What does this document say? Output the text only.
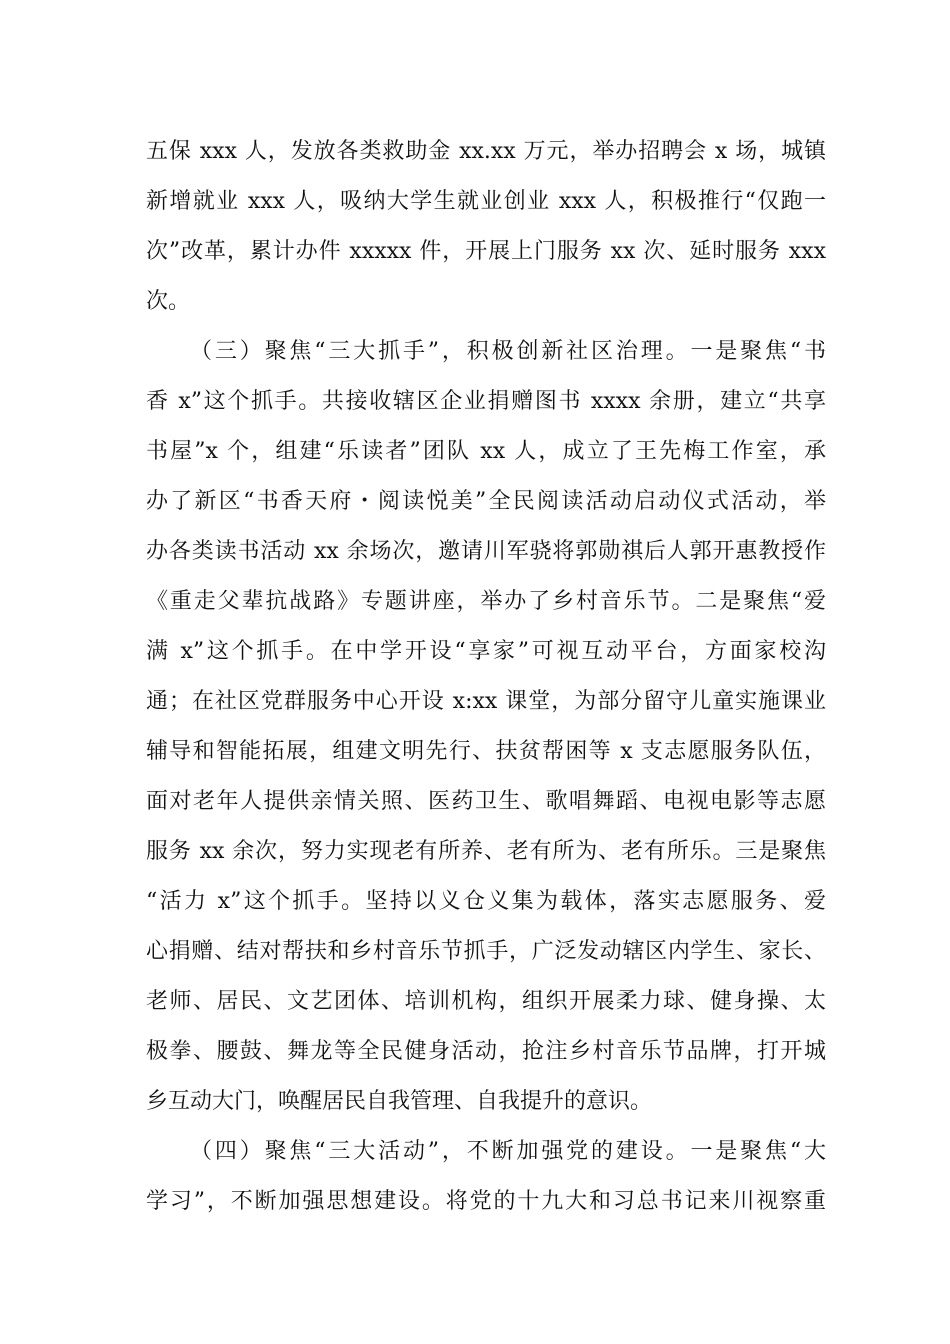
五保 xxx 人，发放各类救助金 xx.xx 万元，举办招聘会 x 场，城镇
新增就业 xxx 人，吸纳大学生就业创业 xxx 人，积极推行“仅跑一
次”改革，累计办件 xxxxx 件，开展上门服务 xx 次、延时服务 xxx
次。
（三）聚焦“三大抓手”，积极创新社区治理。一是聚焦“书
香 x”这个抓手。共接收辖区企业捐赠图书 xxxx 余册，建立“共享
书屋”x 个，组建“乐读者”团队 xx 人，成立了王先梅工作室，承
办了新区“书香天府・阅读悦美”全民阅读活动启动仪式活动，举
办各类读书活动 xx 余场次，邀请川军骁将郭勋祺后人郭开惠教授作
《重走父辈抗战路》专题讲座，举办了乡村音乐节。二是聚焦“爱
满 x”这个抓手。在中学开设“享家”可视互动平台，方面家校沟
通；在社区党群服务中心开设 x:xx 课堂，为部分留守儿童实施课业
辅导和智能拓展，组建文明先行、扶贫帮困等 x 支志愿服务队伍，
面对老年人提供亲情关照、医药卫生、歌唱舞蹈、电视电影等志愿
服务 xx 余次，努力实现老有所养、老有所为、老有所乐。三是聚焦
“活力 x”这个抓手。坚持以义仓义集为载体，落实志愿服务、爱
心捐赠、结对帮扶和乡村音乐节抓手，广泛发动辖区内学生、家长、
老师、居民、文艺团体、培训机构，组织开展柔力球、健身操、太
极拳、腰鼓、舞龙等全民健身活动，抢注乡村音乐节品牌，打开城
乡互动大门，唤醒居民自我管理、自我提升的意识。
（四）聚焦“三大活动”，不断加强党的建设。一是聚焦“大
学习”，不断加强思想建设。将党的十九大和习总书记来川视察重
